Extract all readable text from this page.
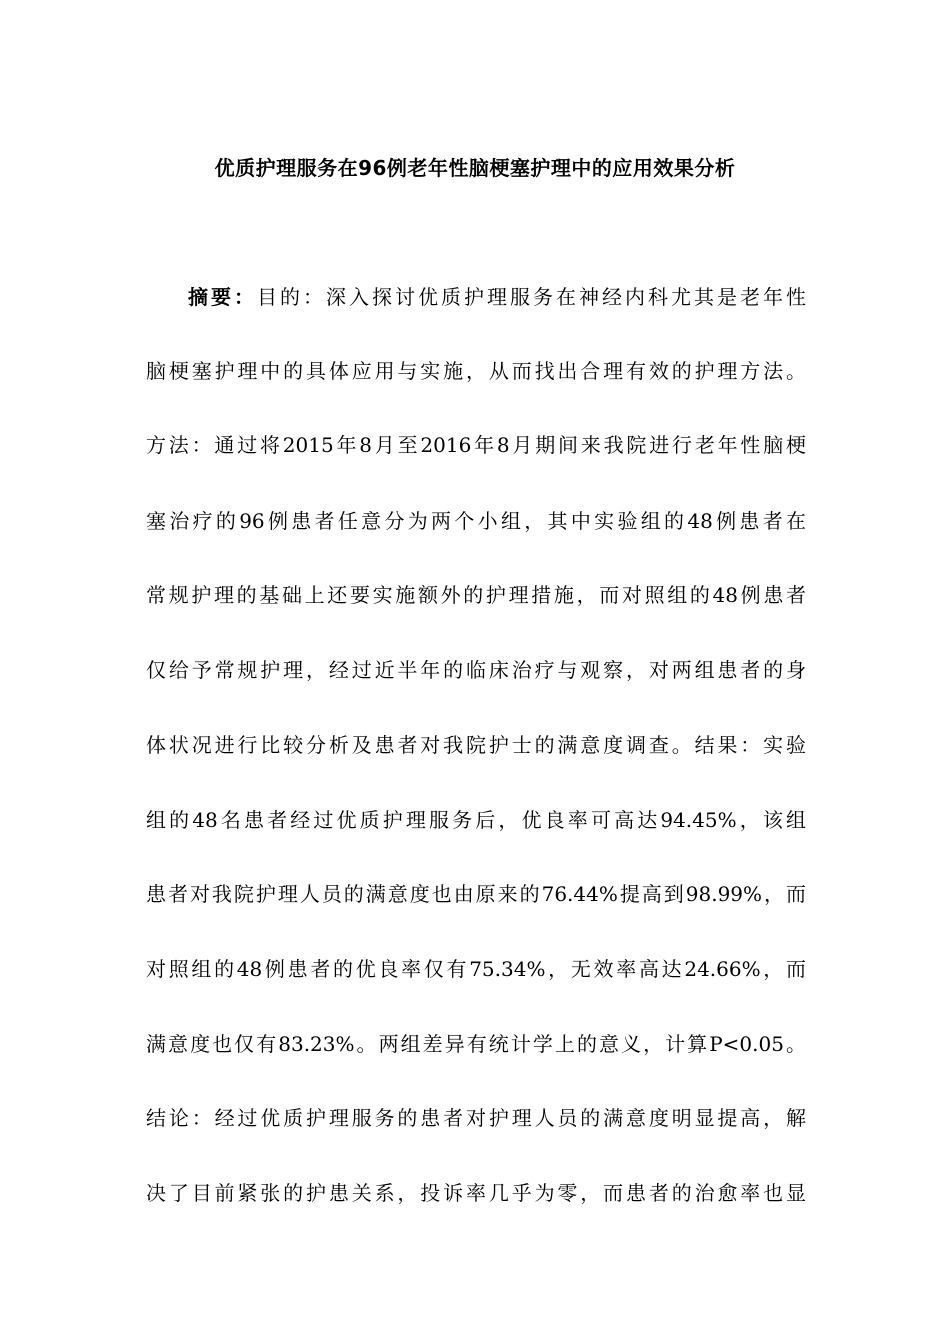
优质护理服务在96例老年性脑梗塞护理中的应用效果分析
摘要：目的：深入探讨优质护理服务在神经内科尤其是老年性
脑梗塞护理中的具体应用与实施，从而找出合理有效的护理方法。
方法：通过将2015年8月至2016年8月期间来我院进行老年性脑梗
塞治疗的96例患者任意分为两个小组，其中实验组的48例患者在
常规护理的基础上还要实施额外的护理措施，而对照组的48例患者
仅给予常规护理，经过近半年的临床治疗与观察，对两组患者的身
体状况进行比较分析及患者对我院护士的满意度调查。结果：实验
组的48名患者经过优质护理服务后，优良率可高达94.45%，该组
患者对我院护理人员的满意度也由原来的76.44%提高到98.99%，而
对照组的48例患者的优良率仅有75.34%，无效率高达24.66%，而
满意度也仅有83.23%。两组差异有统计学上的意义，计算P<0.05。
结论：经过优质护理服务的患者对护理人员的满意度明显提高，解
决了目前紧张的护患关系，投诉率几乎为零，而患者的治愈率也显
